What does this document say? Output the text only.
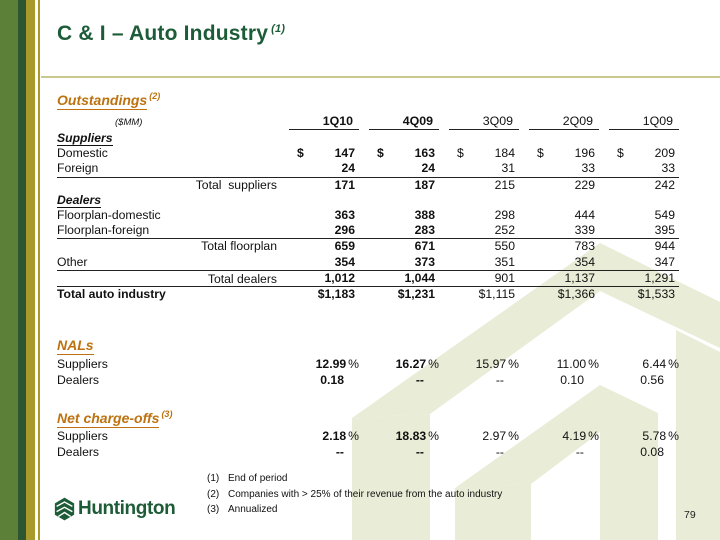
C & I – Auto Industry $^{(1)}$
Outstandings $^{(2)}$
($MM)	1Q10	4Q09	3Q09	2Q09	1Q09
Suppliers
Domestic	$	147 $	163 $	184 $	196 $	209
Foreign	24	24	31	33	33
Total  suppliers	171	187	215	229	242
Dealers
Floorplan-domestic	363	388	298	444	549
Floorplan-foreign	296	283	252	339	395
Total floorplan	659	671	550	783	944
Other	354	373	351	354	347
Total dealers	1,012	1,044	901	1,137	1,291
Total auto industry	$1,183	$1,231	$1,115	$1,366	$1,533
NALs
Suppliers	12.99 %	16.27 %	15.97 %	11.00 %	6.44 %
Dealers	0.18	--	--	0.10	0.56
Net charge-offs $^{(3)}$
Suppliers	2.18 %	18.83 %	2.97 %	4.19 %	5.78 %
Dealers	--	--	--	--	0.08
(1) End of period
(2) Companies with > 25% of their revenue from the auto industry
(3) Annualized
Huntington	79
